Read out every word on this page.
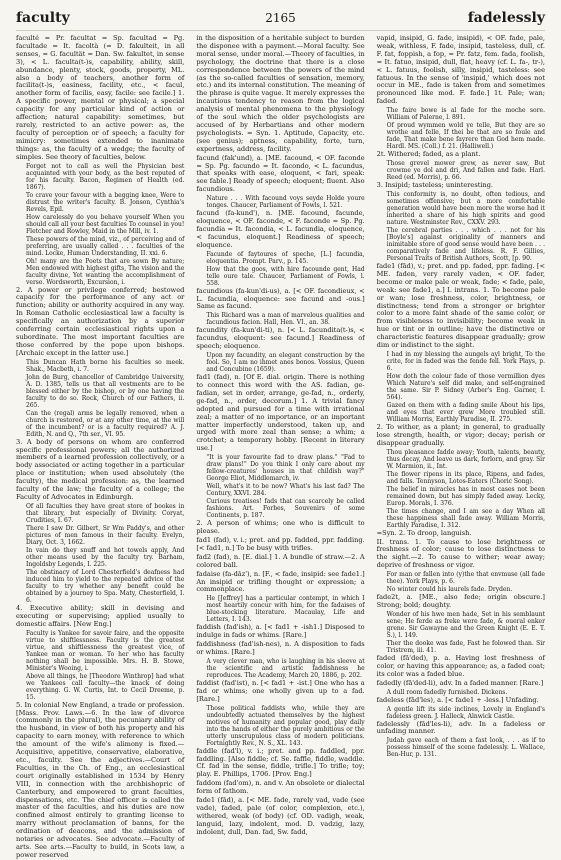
faculty	2165	fadelessly

faculté = Pr. facultat = Sp. facultad = Pg. facultade = It. facoltà (= D. fakulteit, in all senses, = G. facultät = Dan. Sw. fakultet, in sense 3), < L. facultа(t-)s, capability, ability, skill, abundance, plenty, stock, goods, property, ML. also a body of teachers, another form of facilita(t-)s, easiness, facility, etc., < facul, another form of facilis, easy, facile: see facile.] 1. A specific power, mental or physical; a special capacity for any particular kind of action or affection; natural capability: sometimes, but rarely, restricted to an active power: as, the faculty of perception or of speech; a faculty for mimicry: sometimes extended to inanimate things: as, the faculty of a wedge; the faculty of simples. See theory of faculties, below.

Forget not to call as well the Physician best acquainted with your body, as the best reputed of for his faculty. Bacon, Regimen of Health (ed. 1867).

To crave your favour with a begging knee, Were to distrust the writer's faculty. B. Jonson, Cynthia's Revels, Epil.

How carelessly do you behave yourself When you should call all your best faculties To counsel in you! Fletcher and Rowley, Maid in the Mill, iv. 1.

These powers of the mind, viz., of perceiving and of preferring, are usually called . . . faculties of the mind. Locke, Human Understanding, II. xxi. 6.

Oh! many are the Poets that are sown By nature; Men endowed with highest gifts, The vision and the faculty divine, Yet wanting the accomplishment of verse. Wordsworth, Excursion, i.

2. A power or privilege conferred; bestowed capacity for the performance of any act or function; ability or authority acquired in any way. In Roman Catholic ecclesiastical law a faculty is specifically an authorization by a superior conferring certain ecclesiastical rights upon a subordinate. The most important faculties are those conferred by the pope upon bishops. [Archaic except in the latter use.]

This Duncan Hath borne his faculties so meek. Shak., Macbeth, i. 7.

John de Burg, chancellor of Cambridge University, A. D. 1385, tells us that all vestments are to be blessed either by the bishop, or by one having the faculty to do so. Rock, Church of our Fathers, ii. 265.

Can the (regal) arms be legally removed, when a church is restored, or at any other time, at the will of the incumbent? or is a faculty required? A. J. Edith, N. and Q., 7th ser., VI. 95.

3. A body of persons on whom are conferred specific professional powers; all the authorized members of a learned profession collectively, or a body associated or acting together in a particular place or institution; when used absolutely (the faculty), the medical profession: as, the learned faculty of the law; the faculty of a college; the Faculty of Advocates in Edinburgh.

Of all faculties they have great store of bookes in that library, but especially of Divinity. Coryat, Crudities, I. 67.

There I saw Dr. Gilbert, Sr Wm Paddy's, and other pictures of men famous in their faculty. Evelyn, Diary, Oct. 3, 1662.

In vain do they snuff and hot towels apply, And other means used by the faculty try. Barham, Ingoldsby Legends, I. 225.

The obstinacy of Lord Chesterfield's deafness had induced him to yield to the repeated advice of the faculty to try whether any benefit could be obtained by a journey to Spa. Maty, Chesterfield, I. 6.

4. Executive ability; skill in devising and executing or supervising; applied usually to domestic affairs. [New Eng.]

Faculty is Yankee for savoir faire, and the opposite virtue to shiftlessness. Faculty is the greatest virtue, and shiftlessness the greatest vice, of Yankee man or woman. To her who has faculty nothing shall be impossible. Mrs. H. B. Stowe, Minister's Wooing, i.

Above all things, he [Theodore Winthrop] had what we Yankees call faculty—the knack of doing everything. G. W. Curtis, Int. to Cecil Dreeme, p. 15.

5. In colonial New England, a trade or profession. [Mass. Prov. Laws.—6. In the law of divorce (commonly in the plural), the pecuniary ability of the husband, in view of both his property and his capacity to earn money, with reference to which the amount of the wife's alimony is fixed.—Acquisitive, appetitive, conservative, elaborative, etc., faculty. See the adjectives.—Court of Faculties, in the Ch. of Eng., an ecclesiastical court originally established in 1534 by Henry VIII, in connection with the archbishopric of Canterbury, and empowered to grant faculties, dispensations, etc. The chief officer is called the master of the faculties, and his duties are now confined almost entirely to granting license to marry without proclamation of banns, for the ordination of deacons, and the admission of notaries or advocates. See advocate.—Faculty of arts. See arts.—Faculty to build, in Scots law, a power reserved

in the disposition of a heritable subject to burden the disponee with a payment.—Moral faculty. See moral sense, under moral.—Theory of faculties, in psychology, the doctrine that there is a close correspondence between the powers of the mind (as the so-called faculties of sensation, memory, etc.) and its internal constitution. The meaning of the phrase is quite vague. It merely expresses the incautious tendency to reason from the logical analysis of mental phenomena to the physiology of the soul which the older psychologists are accused of by Herbartians and other modern psychologists. = Syn. 1. Aptitude, Capacity, etc. (see genius); aptness, capability, forte, turn, expertness, address, facility.

facund (fak'und), a. [ME. facound, < OF. faconde = Sp. Pg. facundo = It. facondo, < L. facundus, that speaks with ease, eloquent, < fari, speak: see fable.] Ready of speech; eloquent; fluent. Also facundious.

Nature . . . With facound voys seyde Holde youre tonges. Chaucer, Parliament of Fowls, l. 521.

facund (fa-kund'), n. [ME. facound, facunde, eloquence, < OF. faconde, < F. faconde = Sp. Pg. facundia = It. facondia, < L. facundia, eloquence, < facundus, eloquent.] Readiness of speech; eloquence.

Facunde of faytoures of speche, [L.] facundia, eloquentia. Prompt. Parv., p. 145.

How that the goos, with hire facounde gent, Had telle oure tale. Chaucer, Parliament of Fowls, l. 558.

facundious (fa-kun'di-us), a. [< OF. facondieux, < L. facundia, eloquence: see facund and -ous.] Same as facund.

This Richard was a man of marvelous qualities and facundious facion. Hall, Hen. VI., an. 38.

facundity (fa-kun'di-ti), n. [< L. facunditа(t-)s, < facundus, eloquent: see facund.] Readiness of speech; eloquence.

Upon my facundity, an elegant construction by the fool. So, I am no ihmet anes bonos. Vossius, Queen and Concubine (1659).

fad1 (fad), n. [Of E. dial. origin. There is nothing to connect this word with the AS. fadian, ge-fadian, set in order, arrange, ge-fad, n., orderly, ge-fad, n., order, decorum.] 1. A trivial fancy adopted and pursued for a time with irrational zeal; a matter of no importance, or an important matter imperfectly understood, taken up, and urged with more zeal than sense; a whim; a crotchet; a temporary hobby. [Recent in literary use.]

"It is your favourite fad to draw plans." "Fad to draw plans!" Do you think I only care about my fellow-creatures' houses in that childish way?" George Eliot, Middlemarch, iv.

Well, what's it to be now? What's his last fad? The Century, XXVI. 284.

Curious treatises! fads that can scarcely be called fashions. Art. Forbes, Souvenirs of some Continents, p. 187.

2. A person of whims; one who is difficult to please.

fad1 (fad), v. i.; pret. and pp. fadded, ppr. fadding. [< fad1, n.] To be busy with trifles.

fad2 (fad), n. [E. dial.] 1. A bundle of straw.—2. A colored ball.

fadaise (fa-dāz'), n. [F., < fade, insipid: see fade1.] An insipid or trifling thought or expression; a commonplace.

He [Jeffrey] has a particular contempt, in which I most heartily concur with him, for the fadaises of blue-stocking literature. Macaulay, Life and Letters, I. 143.

faddish (fad'ish), a. [< fad1 + -ish1.] Disposed to indulge in fads or whims. [Rare.]

faddishness (fad'ish-nes), n. A disposition to fads or whims. [Rare.]

A very clever man, who is laughing in his sleeve at the scientific and artistic faddishness he reproduces. The Academy, March 20, 1886, p. 202.

faddist (fad'ist), n. [< fad1 + -ist.] One who has a fad or whims; one wholly given up to a fad. [Rare.]

Those political faddists who, while they are undoubtedly actuated themselves by the highest motives of humanity and popular good, play daily into the hands of either the purely ambitious or the utterly unscrupulous class of modern politicians. Fortnightly Rev., N. S., XL. 143.

faddle (fad'l), v. i.; pret. and pp. faddled, ppr. faddling. [Also fiddle; cf. Se. faffle, fiddle, waddle. Cf. fad in the sense, fiddle, trifle.] To trifle; toy; play. E. Phillips, 1706. [Prov. Eng.]

faddom (fad'om), n. and v. An obsolete or dialectal form of fathom.

fade1 (fād), a. [< ME. fade, rarely vad, vade (see vade), faded, pale (of color, complexion, etc.), withered, weak (of body) (cf. OD. vadigh, weak, languid, lazy, indolent, mod. D. vadzig, lazy, indolent, dull, Dan. fad, Sw. fadd,

vapid, insipid, G. fade, insipid), < OF. fade, pale, weak, withless, F. fade, insipid, tasteless, dull, cf. F. fat, foppish, a fop, = Pr. fatz, fem. fada, foolish, = It. fatuo, insipid, dull, flat, heavy (cf. L. fa-, tr-), < L. fatuus, foolish, silly, insipid, tasteless: see fatuous. In the sense of 'insipid,' which does not occur in ME., fade is taken from and sometimes pronounced like mod. F. fade.] 1t. Pale; wan; faded.

The faire bowe is al fade for the moche sore. William of Palerne, l. 891.

Of proud wymmen wold ye tellе, But they are so wrothe and felle, If thei be that are so foule and fade, That make bene fayrere than God hem made. Hardl. MS. (Coll.) f. 21. (Halliwell.)

2t. Withered; faded, as a plant.

Those grevel mower grew, as never saw, But crowme ye dol and dri, And fallen and fade. Harl. Reed (ed. Morris), p. 66.

3. Insipid; tasteless; uninteresting.

This conformity is, no doubt, often tedious, and sometimes offensive; but a more comfortable generation would have been more the worse had it inherited a share of his high spirits and good nature. Westminster Rev., CXXV. 293.

The cerebral parties . . . which . . . not for his [Boyle's] against originality of manners and inimitable store of good sense would have been . . . comparatively fade and lifeless. R. F. Gillies, Personal Traits of British Authors, Scott, [p. 90.

fade1 (fād), v.; pret. and pp. faded, ppr. fading. [< ME. faden, very rarely vaden, < OF. fader, become or make pale or weak, fade; < fade, pale, weak: see fade1, a.] I. intrans. 1. To become pale or wan; lose freshness, color, brightness, or distinctness; tend from a stronger or brighter color to a more faint shade of the same color, or from visibleness to invisibility; become weak in hue or tint or in outline; have the distinctive or characteristic features disappear gradually; grow dim or indistinct to the sight.

I had in my blessing the aungels ayl bright, To the crite, for in faded was the fende fell. York Plays, p. 6.

How doth the colour fade of those vermillion dyes Which Nature's self did make, and self-engrained the same. Sir P. Sidney (Arber's Eng. Garner, I. 564).

Gazed on them with a fading smile About his lips, and eyes that ever grew More troubled still. William Morris, Earthly Paradise, II. 275.

2. To wither, as a plant; in general, to gradually lose strength, health, or vigor; decay; perish or disappear gradually.

Thou pleasance fadde away; Youth, talents, beauty, thus decay, And leave us dark, forlorn, and gray. Sir W. Marmion, ii., Int.

The flower ripens in its place, Ripens, and fades, and falls. Tennyson, Lotos-Eaters (Choric Song).

The belief in miracles has in most cases not been remained down, but has simply faded away. Lecky, Europ. Morals, I. 376.

The times change, and I am see a day When all these happiness shall fade away. William Morris, Earthly Paradise, I. 312.

=Syn. 2. To droop, languish.

II. trans. 1. To cause to lose brightness or freshness of color; cause to lose distinctness to the sight.—2. To cause to wither; wear away; deprive of freshness or vigor.

For man or fallen into (y)the that envmuse (all fade thee). York Plays, p. 6.

No winter could his laurels fade. Dryden.

fade2t, a. [ME., also fede; origin obscure.] Strong; bold; doughty.

Wonder of his hwe men hade, Set in his semblaunt sene; He ferde as freke were fade, & oueral enker grene. Sir Gawayne and the Green Knight (E. E. T. S.), l. 149.

Ther the dooke was fade, Fast he folowed than. Sir Tristrem, iii. 41.

faded (fā'ded), p. a. Having lost freshness of color, or having this appearance; as, a faded coat; its color was a faded blue.

fadedly (fā'ded-li), adv. In a faded manner. [Rare.]

A dull room fadedly furnished. Dickens.

fadeless (fād'les), a. [< fade1 + -less.] Unfading.

A gentle lift its side inclines, Lovely in England's fadeless green. J. Halleck, Alnwick Castle.

fadelessly (fād'les-li), adv. In a fadeless or unfading manner.

Judah gave each of them a fast look, . . . as if to possess himself of the scene fadelessly. L. Wallace, Ben-Hur, p. 131.
